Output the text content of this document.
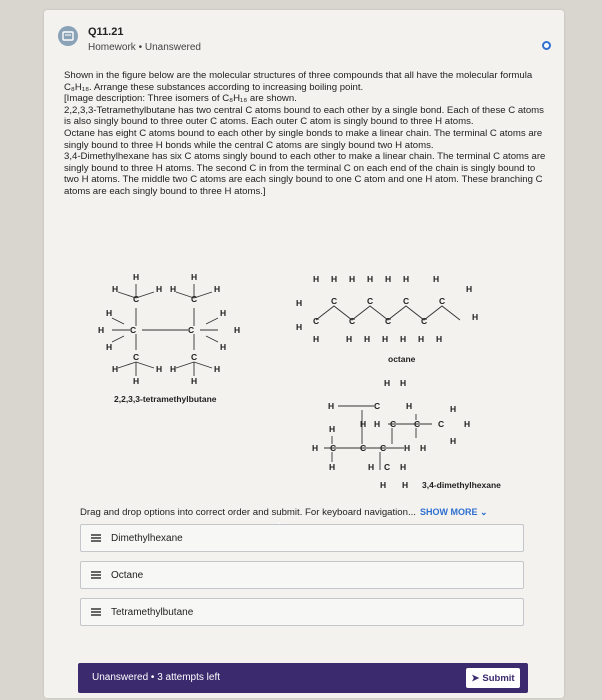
Q11.21
Homework • Unanswered

Shown in the figure below are the molecular structures of three compounds that all have the molecular formula C₈H₁₈. Arrange these substances according to increasing boiling point.

[Image description: Three isomers of C₈H₁₈ are shown.

2,2,3,3-Tetramethylbutane has two central C atoms bound to each other by a single bond. Each of these C atoms is also singly bound to three outer C atoms. Each outer C atom is singly bound to three H atoms.

Octane has eight C atoms bound to each other by single bonds to make a linear chain. The terminal C atoms are singly bound to three H bonds while the central C atoms are singly bound two H atoms.

3,4-Dimethylhexane has six C atoms singly bound to each other to make a linear chain. The terminal C atoms are singly bound to three H atoms. The second C in from the terminal C on each end of the chain is singly bound to two H atoms. The middle two C atoms are each singly bound to one C atom and one H atom. These branching C atoms are each singly bound to three H atoms.]

H	H
H	H H	H
C	C
H	H
H	C	C	H
H	H
C	C
H	H H	H
H	H
2,2,3,3-tetramethylbutane
H H H H H H	H
H
H	C	C	C	C
C	C	C
C	H
H
H	H H H H H H
octane
H H
H	C	H	H
H H C C C H
H
H C	C C H H
H
H	H C H
H H 3,4-dimethylhexane
Drag and drop options into correct order and submit. For keyboard navigation... SHOW MORE ⌄
Dimethylhexane
Octane
Tetramethylbutane
Unanswered • 3 attempts left	➤ Submit
